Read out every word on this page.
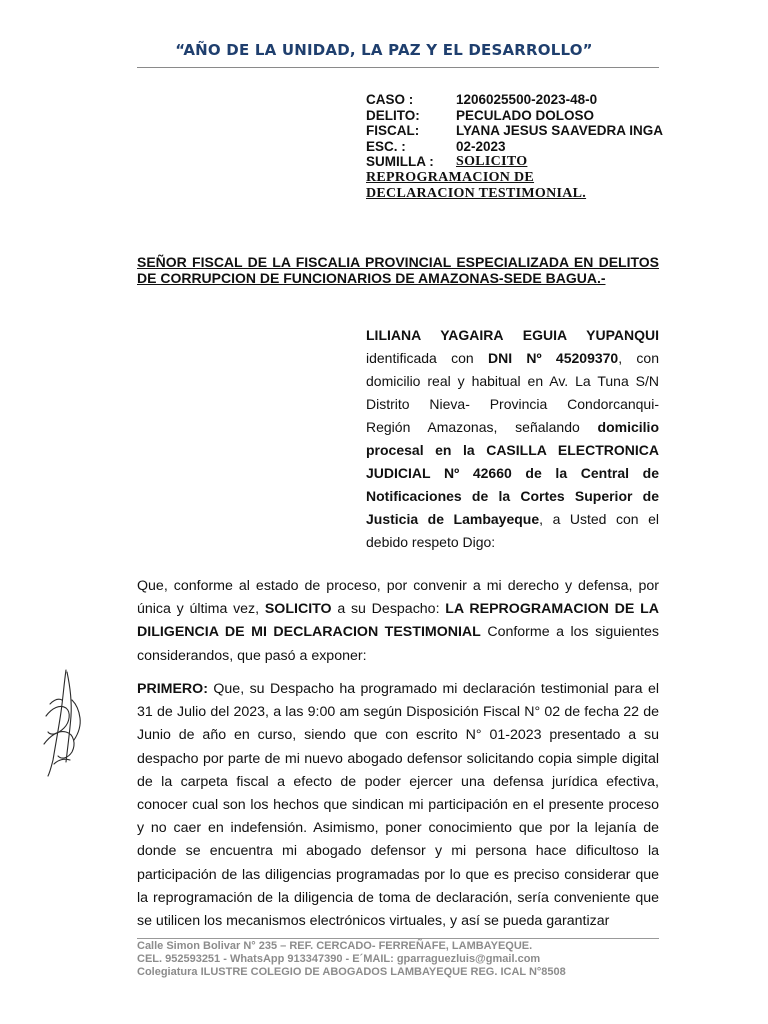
“AÑO DE LA UNIDAD, LA PAZ Y EL DESARROLLO”
CASO :	1206025500-2023-48-0
DELITO:	PECULADO DOLOSO
FISCAL:	LYANA JESUS SAAVEDRA INGA
ESC. :	02-2023
SUMILLA :	SOLICITO
REPROGRAMACION DE
DECLARACION TESTIMONIAL.
SEÑOR FISCAL DE LA FISCALIA PROVINCIAL ESPECIALIZADA EN DELITOS DE CORRUPCION DE FUNCIONARIOS DE AMAZONAS-SEDE BAGUA.-
LILIANA YAGAIRA EGUIA YUPANQUI identificada con DNI Nº 45209370, con domicilio real y habitual en Av. La Tuna S/N Distrito Nieva- Provincia Condorcanqui- Región Amazonas, señalando domicilio procesal en la CASILLA ELECTRONICA JUDICIAL Nº 42660 de la Central de Notificaciones de la Cortes Superior de Justicia de Lambayeque, a Usted con el debido respeto Digo:
Que, conforme al estado de proceso, por convenir a mi derecho y defensa, por única y última vez, SOLICITO a su Despacho: LA REPROGRAMACION DE LA DILIGENCIA DE MI DECLARACION TESTIMONIAL Conforme a los siguientes considerandos, que pasó a exponer:
PRIMERO: Que, su Despacho ha programado mi declaración testimonial para el 31 de Julio del 2023, a las 9:00 am según Disposición Fiscal N° 02 de fecha 22 de Junio de año en curso, siendo que con escrito N° 01-2023 presentado a su despacho por parte de mi nuevo abogado defensor solicitando copia simple digital de la carpeta fiscal a efecto de poder ejercer una defensa jurídica efectiva, conocer cual son los hechos que sindican mi participación en el presente proceso y no caer en indefensión. Asimismo, poner conocimiento que por la lejanía de donde se encuentra mi abogado defensor y mi persona hace dificultoso la participación de las diligencias programadas por lo que es preciso considerar que la reprogramación de la diligencia de toma de declaración, sería conveniente que se utilicen los mecanismos electrónicos virtuales, y así se pueda garantizar
Calle Simon Bolivar N° 235 – REF. CERCADO- FERREÑAFE, LAMBAYEQUE.
CEL. 952593251 - WhatsApp 913347390 - E´MAIL: gparraguezluis@gmail.com
Colegiatura ILUSTRE COLEGIO DE ABOGADOS LAMBAYEQUE REG. ICAL N°8508
